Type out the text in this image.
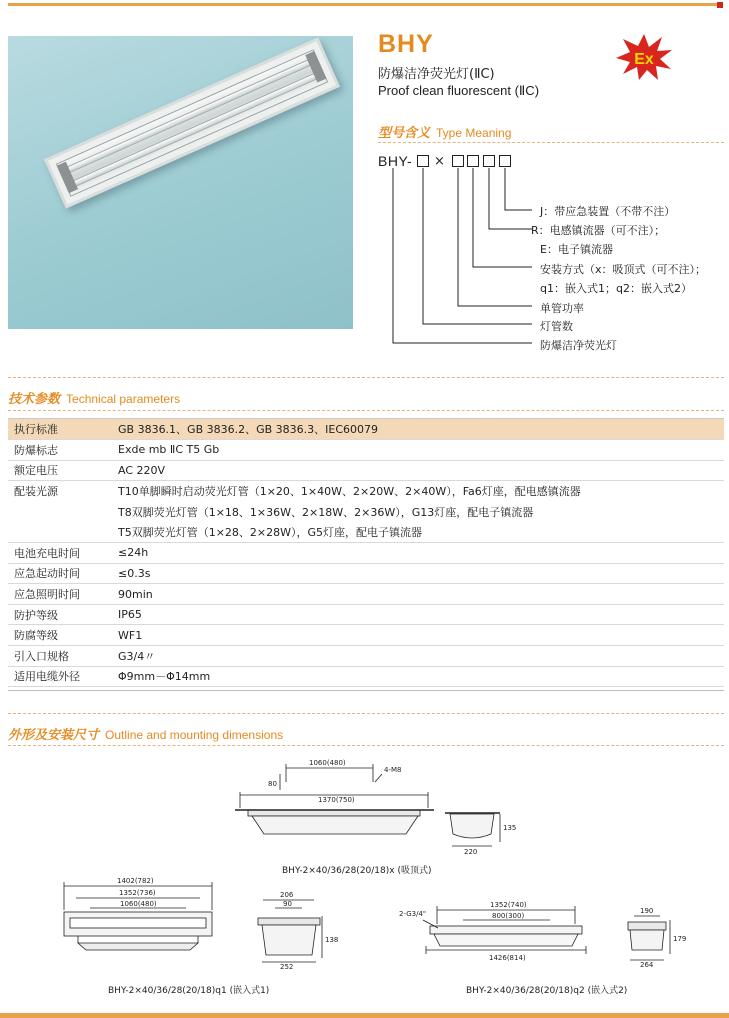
BHY
防爆洁净荧光灯(ⅡC)
Proof clean fluorescent (ⅡC)
Ex
型号含义 Type Meaning
BHY- ×
J：带应急装置（不带不注）
R：电感镇流器（可不注）；
E：电子镇流器
安装方式（x：吸顶式（可不注）；
q1：嵌入式1；q2：嵌入式2）
单管功率
灯管数
防爆洁净荧光灯
技术参数 Technical parameters
执行标准	GB 3836.1、GB 3836.2、GB 3836.3、IEC60079
防爆标志	Exde mb ⅡC T5 Gb
额定电压	AC 220V
配装光源	T10单脚瞬时启动荧光灯管（1×20、1×40W、2×20W、2×40W），Fa6灯座，配电感镇流器
	T8双脚荧光灯管（1×18、1×36W、2×18W、2×36W），G13灯座，配电子镇流器
	T5双脚荧光灯管（1×28、2×28W），G5灯座，配电子镇流器
电池充电时间	≤24h
应急起动时间	≤0.3s
应急照明时间	90min
防护等级	IP65
防腐等级	WF1
引入口规格	G3/4〃
适用电缆外径	Φ9mm－Φ14mm
外形及安装尺寸 Outline and mounting dimensions
1060(480)
4-M8
80
1370(750)
135
220
1402(782)
1352(736)
1060(480)
206
90
138
252
2-G3/4"
1352(740)
800(300)
1426(814)
190
179
264
BHY-2×40/36/28(20/18)x (吸顶式)
BHY-2×40/36/28(20/18)q1 (嵌入式1)	BHY-2×40/36/28(20/18)q2 (嵌入式2)
